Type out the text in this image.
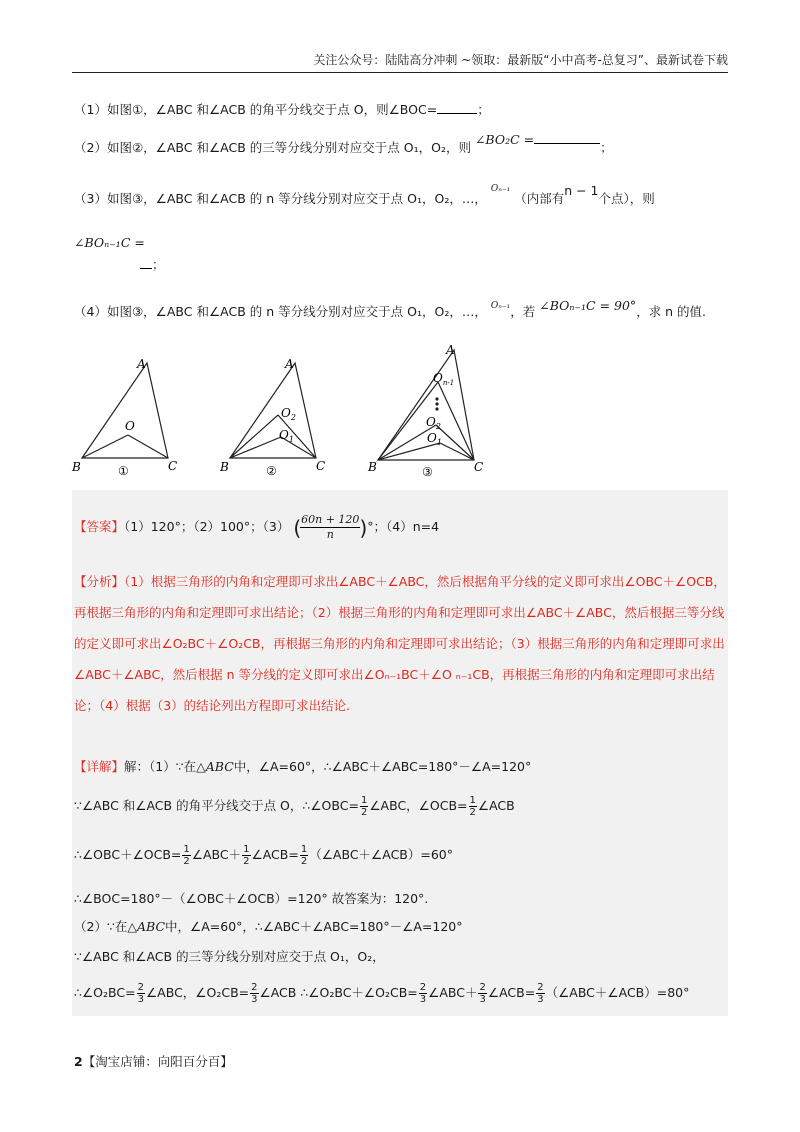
关注公众号：陆陆高分冲刺 ~领取：最新版“小中高考-总复习”、最新试卷下载
（1）如图①，∠ABC 和∠ACB 的角平分线交于点 O，则∠BOC=	；
（2）如图②，∠ABC 和∠ACB 的三等分线分别对应交于点 O₁，O₂，则 ∠BO₂C =；
（3）如图③，∠ABC 和∠ACB 的 n 等分线分别对应交于点 O₁，O₂，…， $^{O_{n-1}}$ （内部有n − 1个点），则
∠BOₙ₋₁C =
；
（4）如图③，∠ABC 和∠ACB 的 n 等分线分别对应交于点 O₁，O₂，…， $^{O_{n-1}}$，若 ∠BOₙ₋₁C = 90°，求 n 的值.
A
B	C
O
①
A
B	C
$O_2$
$O_1$
②
A
B	C
$O_{n-1}$
$O_2$
$O_1$
③
【答案】（1）120°；（2）100°；（3） ( $\frac{60n + 120}{n}$ )°；（4）n=4
【分析】（1）根据三角形的内角和定理即可求出∠ABC＋∠ABC，然后根据角平分线的定义即可求出∠OBC＋∠OCB，再根据三角形的内角和定理即可求出结论；（2）根据三角形的内角和定理即可求出∠ABC＋∠ABC，然后根据三等分线的定义即可求出∠O₂BC＋∠O₂CB，再根据三角形的内角和定理即可求出结论；（3）根据三角形的内角和定理即可求出∠ABC＋∠ABC，然后根据 n 等分线的定义即可求出∠Oₙ₋₁BC＋∠O ₙ₋₁CB，再根据三角形的内角和定理即可求出结论；（4）根据（3）的结论列出方程即可求出结论.
【详解】解：（1）∵在△ABC中，∠A=60°，∴∠ABC＋∠ABC=180°－∠A=120°
∵∠ABC 和∠ACB 的角平分线交于点 O，∴∠OBC= $\frac{1}{2}$ ∠ABC，∠OCB= $\frac{1}{2}$ ∠ACB
∴∠OBC＋∠OCB= $\frac{1}{2}$ ∠ABC＋ $\frac{1}{2}$ ∠ACB= $\frac{1}{2}$ （∠ABC＋∠ACB）=60°
∴∠BOC=180°－（∠OBC＋∠OCB）=120° 故答案为：120°.
（2）∵在△ABC中，∠A=60°，∴∠ABC＋∠ABC=180°－∠A=120°
∵∠ABC 和∠ACB 的三等分线分别对应交于点 O₁，O₂，
∴∠O₂BC= $\frac{2}{3}$ ∠ABC，∠O₂CB= $\frac{2}{3}$ ∠ACB ∴∠O₂BC＋∠O₂CB= $\frac{2}{3}$ ∠ABC＋ $\frac{2}{3}$ ∠ACB= $\frac{2}{3}$ （∠ABC＋∠ACB）=80°
2【淘宝店铺：向阳百分百】
